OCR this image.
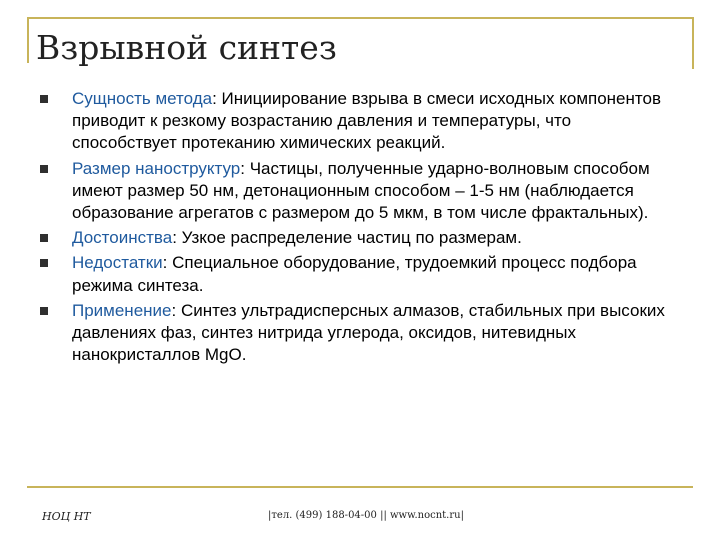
Взрывной синтез
Сущность метода: Инициирование взрыва в смеси исходных компонентов приводит к резкому возрастанию давления и температуры, что способствует протеканию химических реакций.
Размер наноструктур: Частицы, полученные ударно-волновым способом имеют размер 50 нм, детонационным способом – 1-5 нм (наблюдается образование агрегатов с размером до 5 мкм, в том числе фрактальных).
Достоинства: Узкое распределение частиц по размерам.
Недостатки: Специальное оборудование, трудоемкий процесс подбора режима синтеза.
Применение: Синтез ультрадисперсных алмазов, стабильных при высоких давлениях фаз, синтез нитрида углерода, оксидов, нитевидных нанокристаллов MgO.
НОЦ НТ	|тел. (499) 188-04-00 || www.nocnt.ru|
